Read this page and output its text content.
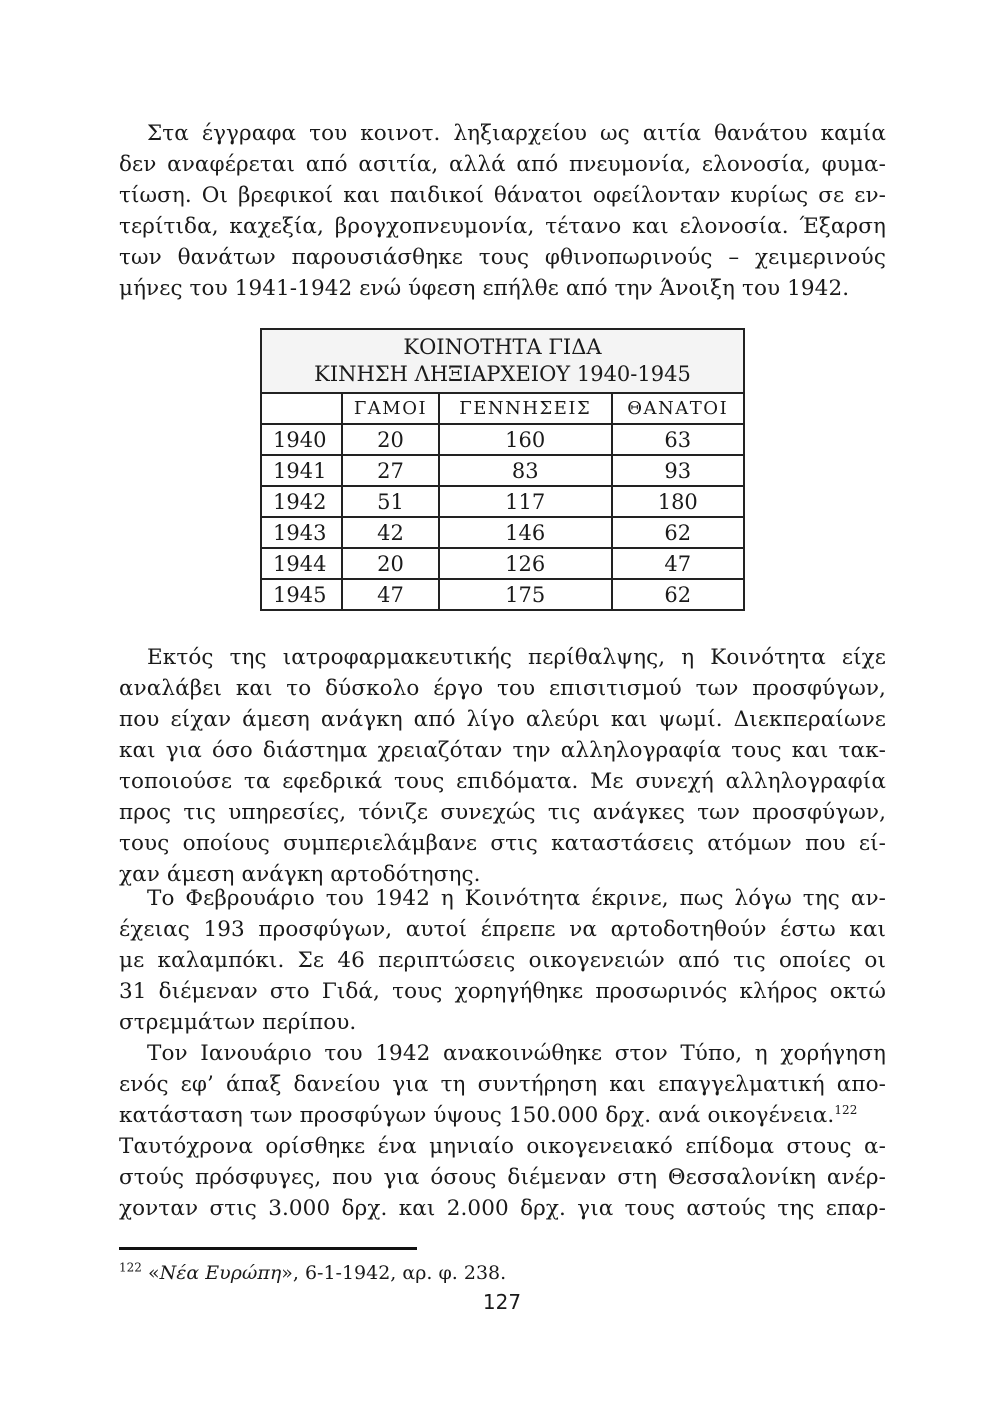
Στα έγγραφα του κοινοτ. ληξιαρχείου ως αιτία θανάτου καμία
δεν αναφέρεται από ασιτία, αλλά από πνευμονία, ελονοσία, φυμα-
τίωση. Οι βρεφικοί και παιδικοί θάνατοι οφείλονταν κυρίως σε εν-
τερίτιδα, καχεξία, βρογχοπνευμονία, τέτανο και ελονοσία. Έξαρση
των θανάτων παρουσιάσθηκε τους φθινοπωρινούς – χειμερινούς
μήνες του 1941-1942 ενώ ύφεση επήλθε από την Άνοιξη του 1942.
ΚΟΙΝΟΤΗΤΑ ΓΙΔΑ
ΚΙΝΗΣΗ ΛΗΞΙΑΡΧΕΙΟΥ 1940-1945			

	ΓΑΜΟΙ	ΓΕΝΝΗΣΕΙΣ	ΘΑΝΑΤΟΙ
1940	20	160	63
1941	27	83	93
1942	51	117	180
1943	42	146	62
1944	20	126	47
1945	47	175	62
Εκτός της ιατροφαρμακευτικής περίθαλψης, η Κοινότητα είχε
αναλάβει και το δύσκολο έργο του επισιτισμού των προσφύγων,
που είχαν άμεση ανάγκη από λίγο αλεύρι και ψωμί. Διεκπεραίωνε
και για όσο διάστημα χρειαζόταν την αλληλογραφία τους και τακ-
τοποιούσε τα εφεδρικά τους επιδόματα. Με συνεχή αλληλογραφία
προς τις υπηρεσίες, τόνιζε συνεχώς τις ανάγκες των προσφύγων,
τους οποίους συμπεριελάμβανε στις καταστάσεις ατόμων που εί-
χαν άμεση ανάγκη αρτοδότησης.
Το Φεβρουάριο του 1942 η Κοινότητα έκρινε, πως λόγω της αν-
έχειας 193 προσφύγων, αυτοί έπρεπε να αρτοδοτηθούν έστω και
με καλαμπόκι. Σε 46 περιπτώσεις οικογενειών από τις οποίες οι
31 διέμεναν στο Γιδά, τους χορηγήθηκε προσωρινός κλήρος οκτώ
στρεμμάτων περίπου.
Τον Ιανουάριο του 1942 ανακοινώθηκε στον Τύπο, η χορήγηση
ενός εφ’ άπαξ δανείου για τη συντήρηση και επαγγελματική απο-
κατάσταση των προσφύγων ύψους 150.000 δρχ. ανά οικογένεια.$^{122}$
Ταυτόχρονα ορίσθηκε ένα μηνιαίο οικογενειακό επίδομα στους α-
στούς πρόσφυγες, που για όσους διέμεναν στη Θεσσαλονίκη ανέρ-
χονταν στις 3.000 δρχ. και 2.000 δρχ. για τους αστούς της επαρ-
$^{122}$ «Νέα Ευρώπη», 6-1-1942, αρ. φ. 238.
127
